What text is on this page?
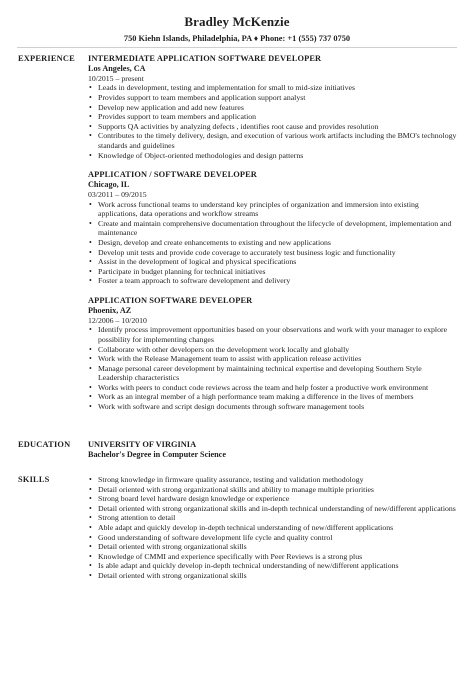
Bradley McKenzie
750 Kiehn Islands, Philadelphia, PA ♦ Phone: +1 (555) 737 0750
EXPERIENCE INTERMEDIATE APPLICATION SOFTWARE DEVELOPER
Los Angeles, CA
10/2015 – present
• Leads in development, testing and implementation for small to mid-size initiatives
• Provides support to team members and application support analyst
• Develop new application and add new features
• Provides support to team members and application
• Supports QA activities by analyzing defects , identifies root cause and provides resolution
• Contributes to the timely delivery, design, and execution of various work artifacts including the BMO's technology standards and guidelines
• Knowledge of Object-oriented methodologies and design patterns
APPLICATION / SOFTWARE DEVELOPER
Chicago, IL
03/2011 – 09/2015
• Work across functional teams to understand key principles of organization and immersion into existing applications, data operations and workflow streams
• Create and maintain comprehensive documentation throughout the lifecycle of development, implementation and maintenance
• Design, develop and create enhancements to existing and new applications
• Develop unit tests and provide code coverage to accurately test business logic and functionality
• Assist in the development of logical and physical specifications
• Participate in budget planning for technical initiatives
• Foster a team approach to software development and delivery
APPLICATION SOFTWARE DEVELOPER
Phoenix, AZ
12/2006 – 10/2010
• Identify process improvement opportunities based on your observations and work with your manager to explore possibility for implementing changes
• Collaborate with other developers on the development work locally and globally
• Work with the Release Management team to assist with application release activities
• Manage personal career development by maintaining technical expertise and developing Southern Style Leadership characteristics
• Works with peers to conduct code reviews across the team and help foster a productive work environment
• Work as an integral member of a high performance team making a difference in the lives of members
• Work with software and script design documents through software management tools
EDUCATION UNIVERSITY OF VIRGINIA
Bachelor's Degree in Computer Science
SKILLS
•	Strong knowledge in firmware quality assurance, testing and validation methodology
• Detail oriented with strong organizational skills and ability to manage multiple priorities
• Strong board level hardware design knowledge or experience
• Detail oriented with strong organizational skills and in-depth technical understanding of new/different applications
• Strong attention to detail
• Able adapt and quickly develop in-depth technical understanding of new/different applications
• Good understanding of software development life cycle and quality control
• Detail oriented with strong organizational skills
• Knowledge of CMMI and experience specifically with Peer Reviews is a strong plus
• Is able adapt and quickly develop in-depth technical understanding of new/different applications
• Detail oriented with strong organizational skills
